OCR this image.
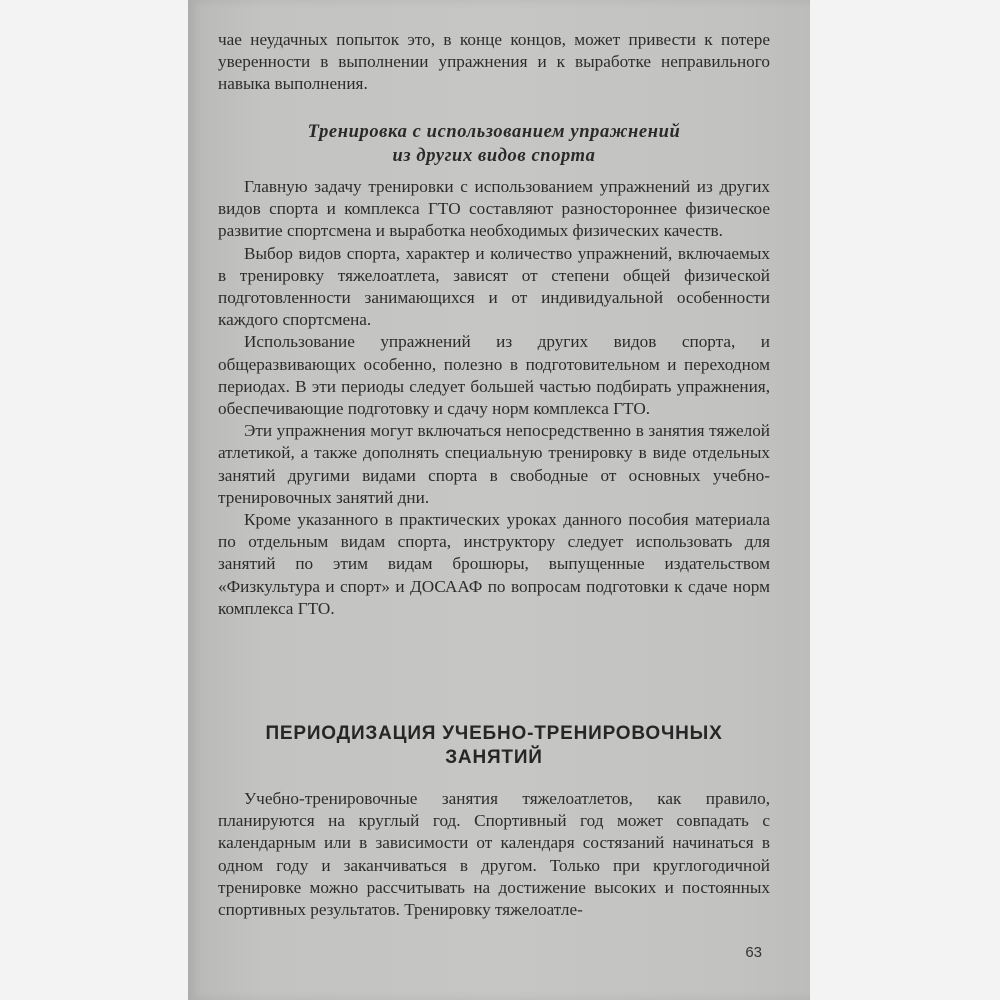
чае неудачных попыток это, в конце концов, может привести к потере уверенности в выполнении упражнения и к выработке неправильного навыка выполнения.

Тренировка с использованием упражнений
из других видов спорта

Главную задачу тренировки с использованием упражнений из других видов спорта и комплекса ГТО составляют разностороннее физическое развитие спортсмена и выработка необходимых физических качеств.

Выбор видов спорта, характер и количество упражнений, включаемых в тренировку тяжелоатлета, зависят от степени общей физической подготовленности занимающихся и от индивидуальной особенности каждого спортсмена.

Использование упражнений из других видов спорта, и общеразвивающих особенно, полезно в подготовительном и переходном периодах. В эти периоды следует большей частью подбирать упражнения, обеспечивающие подготовку и сдачу норм комплекса ГТО.

Эти упражнения могут включаться непосредственно в занятия тяжелой атлетикой, а также дополнять специальную тренировку в виде отдельных занятий другими видами спорта в свободные от основных учебно-тренировочных занятий дни.

Кроме указанного в практических уроках данного пособия материала по отдельным видам спорта, инструктору следует использовать для занятий по этим видам брошюры, выпущенные издательством «Физкультура и спорт» и ДОСААФ по вопросам подготовки к сдаче норм комплекса ГТО.

ПЕРИОДИЗАЦИЯ УЧЕБНО-ТРЕНИРОВОЧНЫХ
ЗАНЯТИЙ

Учебно-тренировочные занятия тяжелоатлетов, как правило, планируются на круглый год. Спортивный год может совпадать с календарным или в зависимости от календаря состязаний начинаться в одном году и заканчиваться в другом. Только при круглогодичной тренировке можно рассчитывать на достижение высоких и постоянных спортивных результатов. Тренировку тяжелоатле-

63
